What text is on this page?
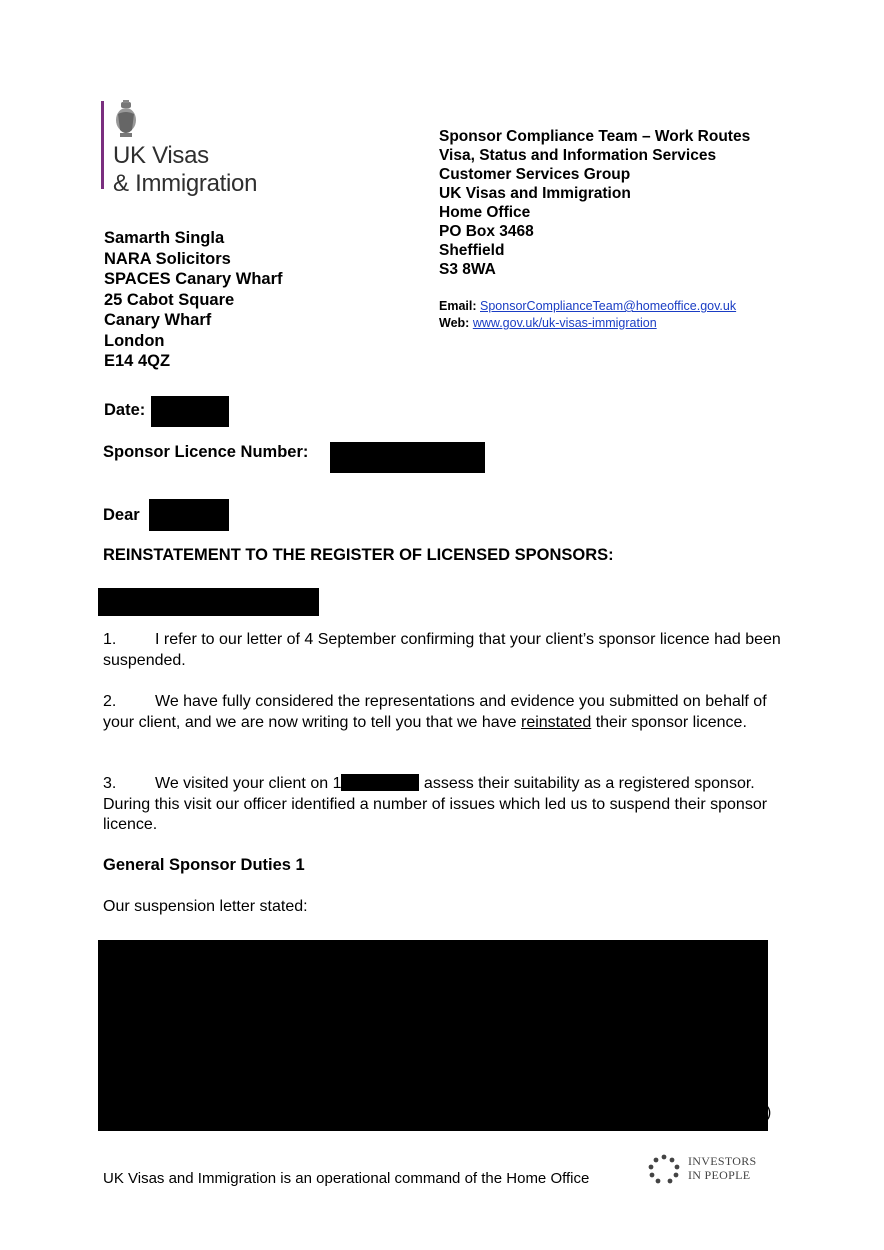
UK Visas
& Immigration
Sponsor Compliance Team – Work Routes
Visa, Status and Information Services
Customer Services Group
UK Visas and Immigration
Home Office
PO Box 3468
Sheffield
S3 8WA
Email: SponsorComplianceTeam@homeoffice.gov.uk
Web: www.gov.uk/uk-visas-immigration
Samarth Singla
NARA Solicitors
SPACES Canary Wharf
25 Cabot Square
Canary Wharf
London
E14 4QZ
Date:
Sponsor Licence Number:
Dear
REINSTATEMENT TO THE REGISTER OF LICENSED SPONSORS:
1. I refer to our letter of 4 September confirming that your client’s sponsor licence had been suspended.
2. We have fully considered the representations and evidence you submitted on behalf of your client, and we are now writing to tell you that we have reinstated their sponsor licence.
3. We visited your client on 1	assess their suitability as a registered sponsor. During this visit our officer identified a number of issues which led us to suspend their sponsor licence.
General Sponsor Duties 1
Our suspension letter stated:
)
UK Visas and Immigration is an operational command of the Home Office
INVESTORS
IN PEOPLE
